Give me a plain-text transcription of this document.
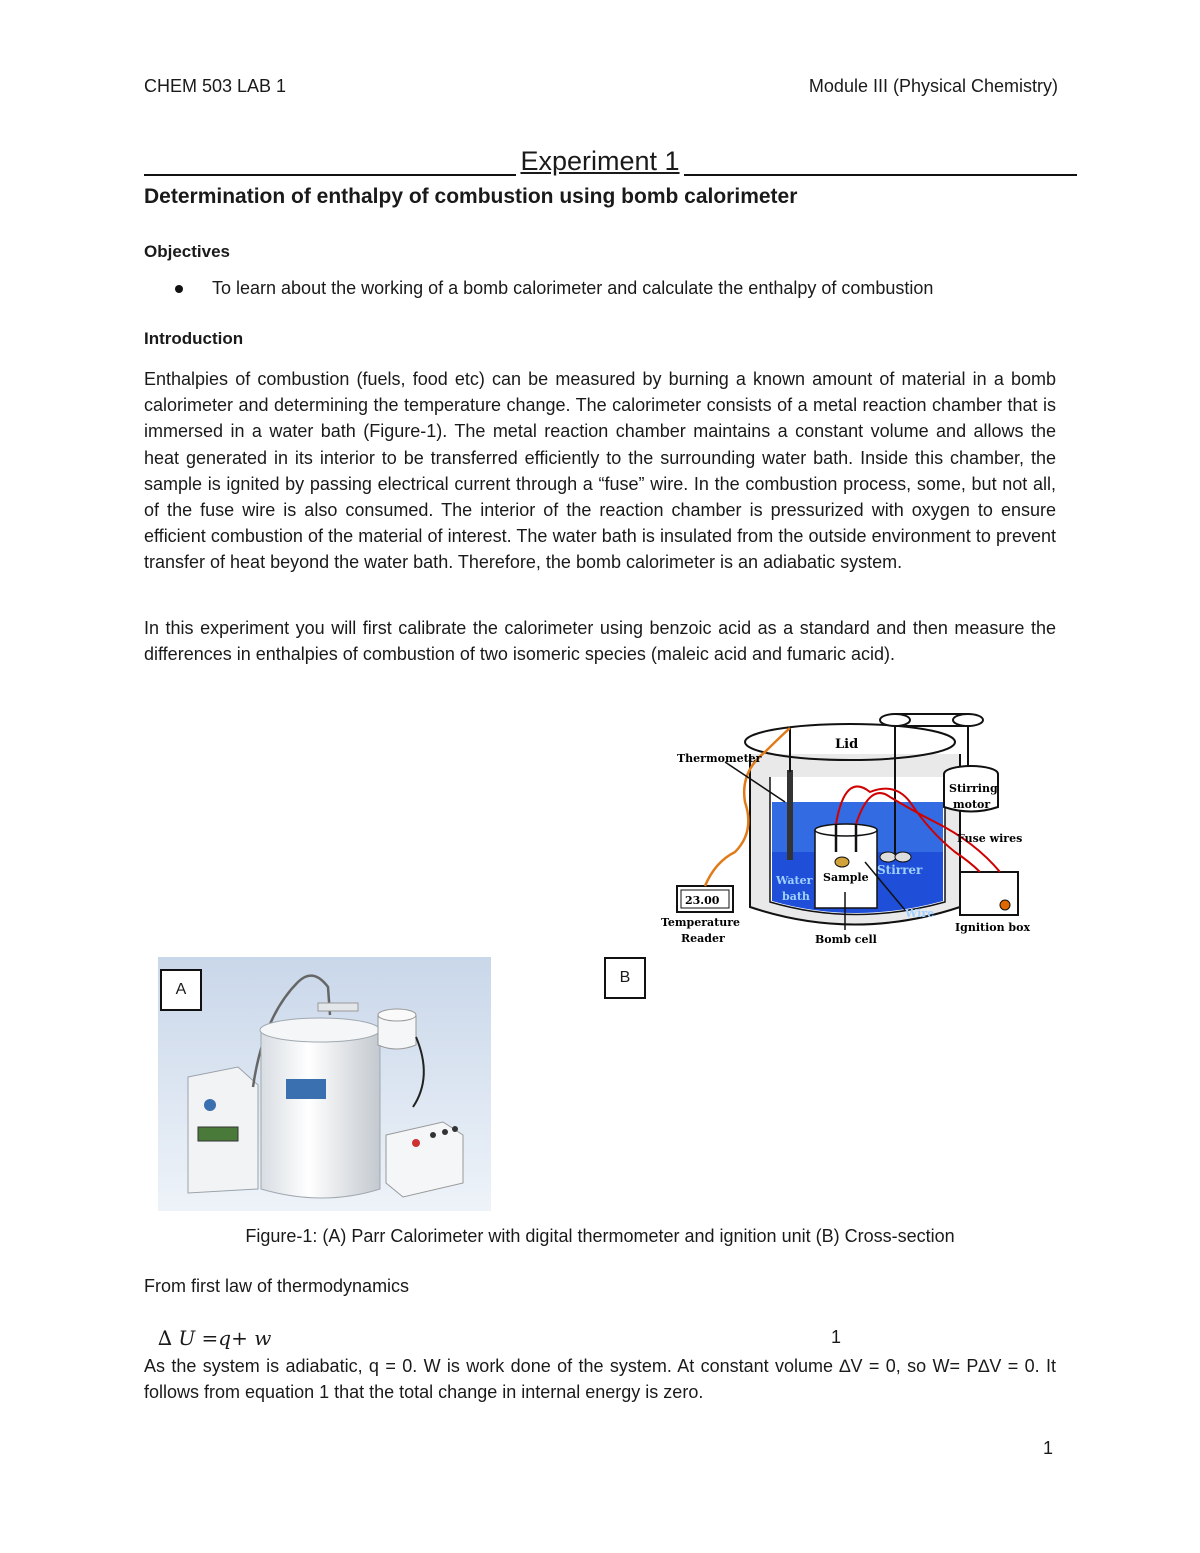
CHEM 503 LAB 1	Module III (Physical Chemistry)
Experiment 1
Determination of enthalpy of combustion using bomb calorimeter
Objectives
To learn about the working of a bomb calorimeter and calculate the enthalpy of combustion
Introduction
Enthalpies of combustion (fuels, food etc) can be measured by burning a known amount of material in a bomb calorimeter and determining the temperature change. The calorimeter consists of a metal reaction chamber that is immersed in a water bath (Figure-1). The metal reaction chamber maintains a constant volume and allows the heat generated in its interior to be transferred efficiently to the surrounding water bath. Inside this chamber, the sample is ignited by passing electrical current through a “fuse” wire. In the combustion process, some, but not all, of the fuse wire is also consumed. The interior of the reaction chamber is pressurized with oxygen to ensure efficient combustion of the material of interest. The water bath is insulated from the outside environment to prevent transfer of heat beyond the water bath. Therefore, the bomb calorimeter is an adiabatic system.
In this experiment you will first calibrate the calorimeter using benzoic acid as a standard and then measure the differences in enthalpies of combustion of two isomeric species (maleic acid and fumaric acid).
Lid
Thermometer
Stirring
motor
Fuse wires
Stirrer
Sample
Water
bath
Wire
23.00
Temperature
Reader	Bomb cell
Ignition box
A
B
Figure-1: (A) Parr Calorimeter with digital thermometer and ignition unit (B) Cross-section
From first law of thermodynamics
∆ U =q+ w	1
As the system is adiabatic, q = 0. W is work done of the system. At constant volume ∆V = 0, so W= P∆V = 0. It follows from equation 1 that the total change in internal energy is zero.
1
